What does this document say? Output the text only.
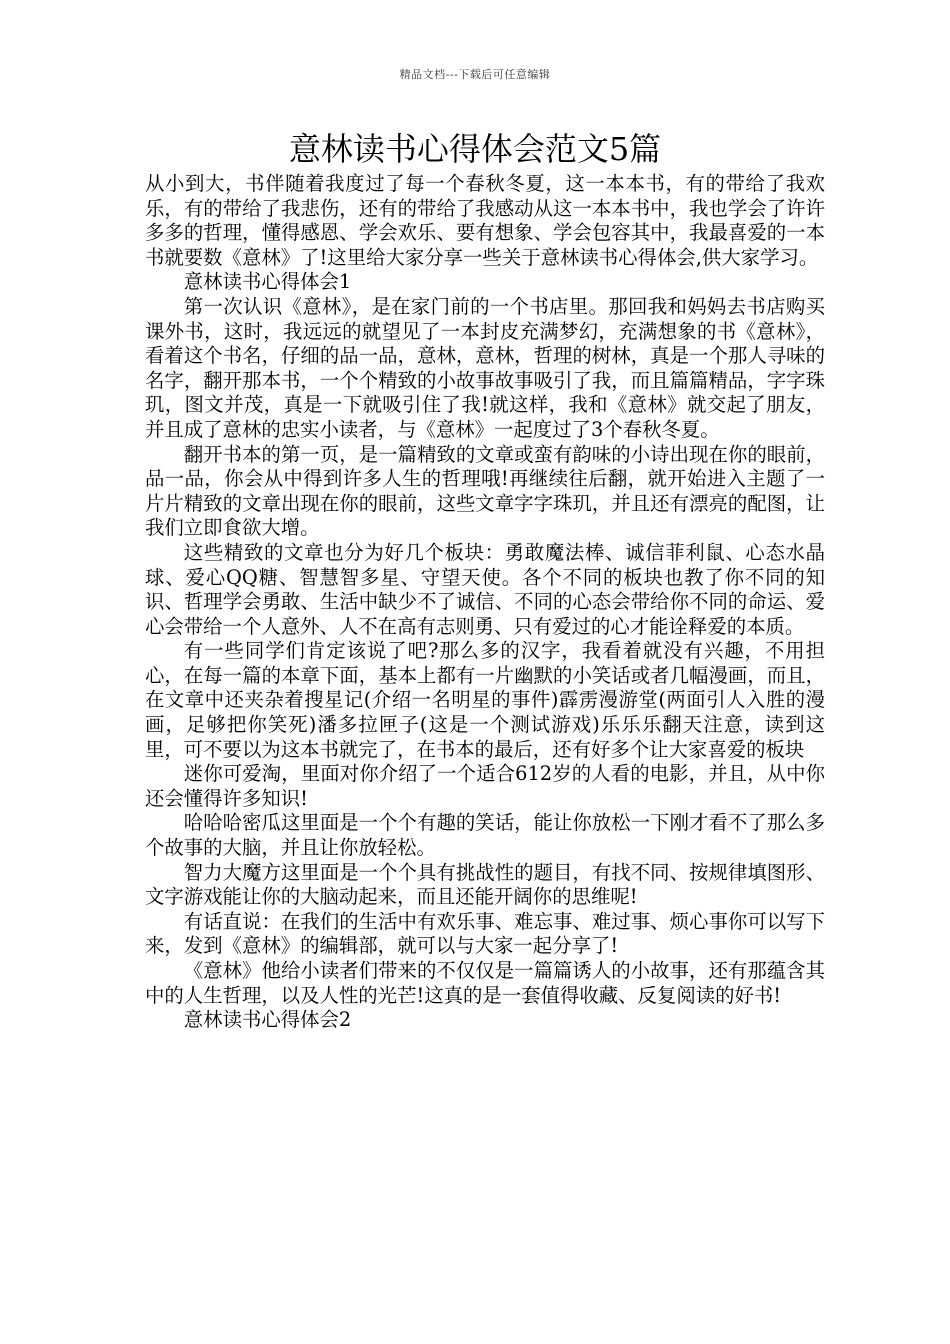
精品文档---下载后可任意编辑
意林读书心得体会范文5篇

从小到大，书伴随着我度过了每一个春秋冬夏，这一本本书，有的带给了我欢乐，有的带给了我悲伤，还有的带给了我感动从这一本本书中，我也学会了许许多多的哲理，懂得感恩、学会欢乐、要有想象、学会包容其中，我最喜爱的一本书就要数《意林》了!这里给大家分享一些关于意林读书心得体会,供大家学习。

意林读书心得体会1

第一次认识《意林》，是在家门前的一个书店里。那回我和妈妈去书店购买课外书，这时，我远远的就望见了一本封皮充满梦幻，充满想象的书《意林》，看着这个书名，仔细的品一品，意林，意林，哲理的树林，真是一个那人寻味的名字，翻开那本书，一个个精致的小故事故事吸引了我，而且篇篇精品，字字珠玑，图文并茂，真是一下就吸引住了我!就这样，我和《意林》就交起了朋友，并且成了意林的忠实小读者，与《意林》一起度过了3个春秋冬夏。

翻开书本的第一页，是一篇精致的文章或蛮有韵味的小诗出现在你的眼前，品一品，你会从中得到许多人生的哲理哦!再继续往后翻，就开始进入主题了一片片精致的文章出现在你的眼前，这些文章字字珠玑，并且还有漂亮的配图，让我们立即食欲大增。

这些精致的文章也分为好几个板块：勇敢魔法棒、诚信菲利鼠、心态水晶球、爱心QQ糖、智慧智多星、守望天使。各个不同的板块也教了你不同的知识、哲理学会勇敢、生活中缺少不了诚信、不同的心态会带给你不同的命运、爱心会带给一个人意外、人不在高有志则勇、只有爱过的心才能诠释爱的本质。

有一些同学们肯定该说了吧?那么多的汉字，我看着就没有兴趣，不用担心，在每一篇的本章下面，基本上都有一片幽默的小笑话或者几幅漫画，而且，在文章中还夹杂着搜星记(介绍一名明星的事件)霹雳漫游堂(两面引人入胜的漫画，足够把你笑死)潘多拉匣子(这是一个测试游戏)乐乐乐翻天注意，读到这里，可不要以为这本书就完了，在书本的最后，还有好多个让大家喜爱的板块

迷你可爱淘，里面对你介绍了一个适合612岁的人看的电影，并且，从中你还会懂得许多知识!

哈哈哈密瓜这里面是一个个有趣的笑话，能让你放松一下刚才看不了那么多个故事的大脑，并且让你放轻松。

智力大魔方这里面是一个个具有挑战性的题目，有找不同、按规律填图形、文字游戏能让你的大脑动起来，而且还能开阔你的思维呢!

有话直说：在我们的生活中有欢乐事、难忘事、难过事、烦心事你可以写下来，发到《意林》的编辑部，就可以与大家一起分享了!

《意林》他给小读者们带来的不仅仅是一篇篇诱人的小故事，还有那蕴含其中的人生哲理，以及人性的光芒!这真的是一套值得收藏、反复阅读的好书!

意林读书心得体会2
